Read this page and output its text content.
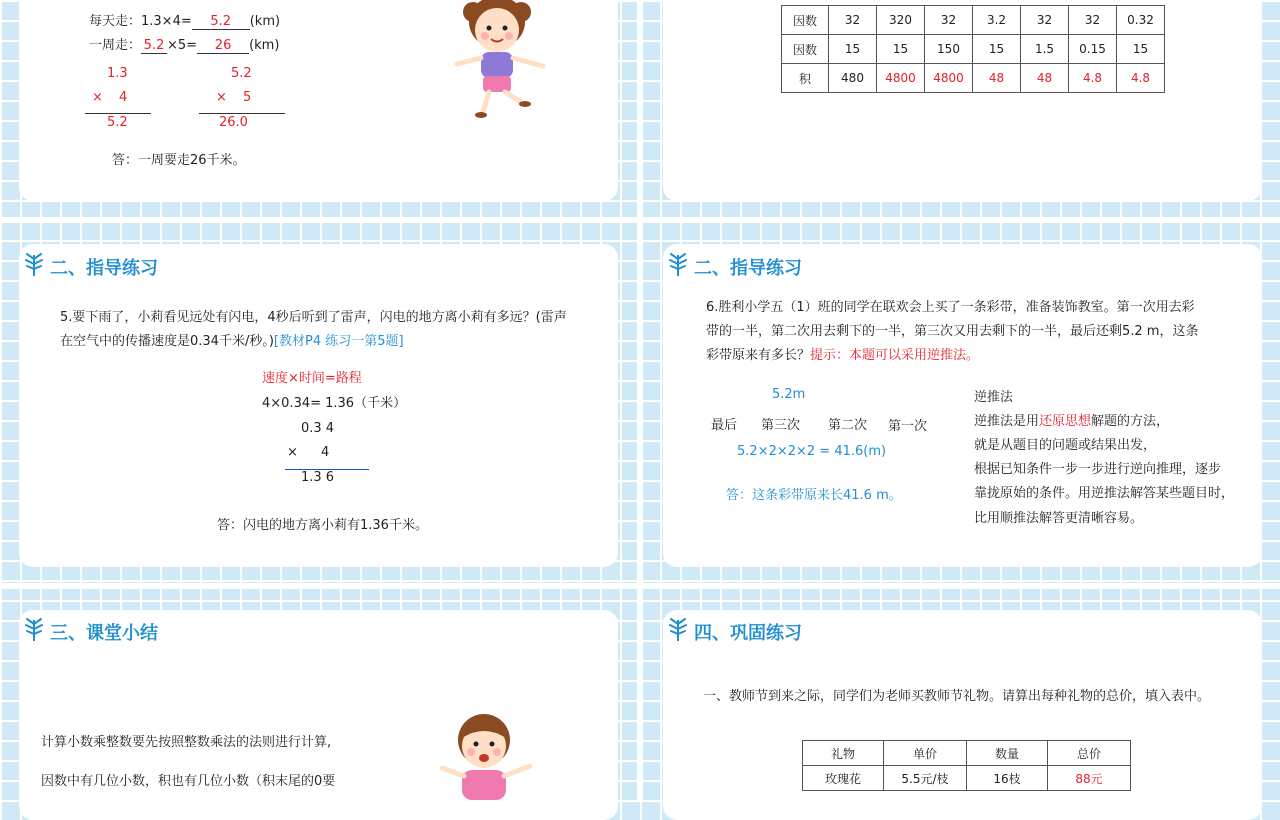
每天走：1.3×4= 5.2 (km)
一周走： 5.2 ×5= 26 (km)
1.3
× 4
5.2
5.2
× 5
26.0
答：一周要走26千米。
因数	32	320	32	3.2	32	32	0.32
因数	15	15	150	15	1.5	0.15	15
积	480	4800	4800	48	48	4.8	4.8
二、指导练习
5.要下雨了，小莉看见远处有闪电，4秒后听到了雷声，闪电的地方离小莉有多远？(雷声
在空气中的传播速度是0.34千米/秒。)[教材P4 练习一第5题]
速度×时间=路程
4×0.34= 1.36（千米）
0.3 4
× 4
1.3 6
答：闪电的地方离小莉有1.36千米。
二、指导练习
6.胜利小学五（1）班的同学在联欢会上买了一条彩带，准备装饰教室。第一次用去彩
带的一半，第二次用去剩下的一半，第三次又用去剩下的一半，最后还剩5.2 m，这条
彩带原来有多长？提示：本题可以采用逆推法。
5.2m
最后 第三次 第二次 第一次
5.2×2×2×2 = 41.6(m)
答：这条彩带原来长41.6 m。
逆推法
逆推法是用还原思想解题的方法，
就是从题目的问题或结果出发，
根据已知条件一步一步进行逆向推理，逐步
靠拢原始的条件。用逆推法解答某些题目时，
比用顺推法解答更清晰容易。
三、课堂小结
计算小数乘整数要先按照整数乘法的法则进行计算,
因数中有几位小数，积也有几位小数（积末尾的0要
四、巩固练习
一、教师节到来之际，同学们为老师买教师节礼物。请算出每种礼物的总价，填入表中。
礼物	单价	数量	总价
玫瑰花	5.5元/枝	16枝	88元
